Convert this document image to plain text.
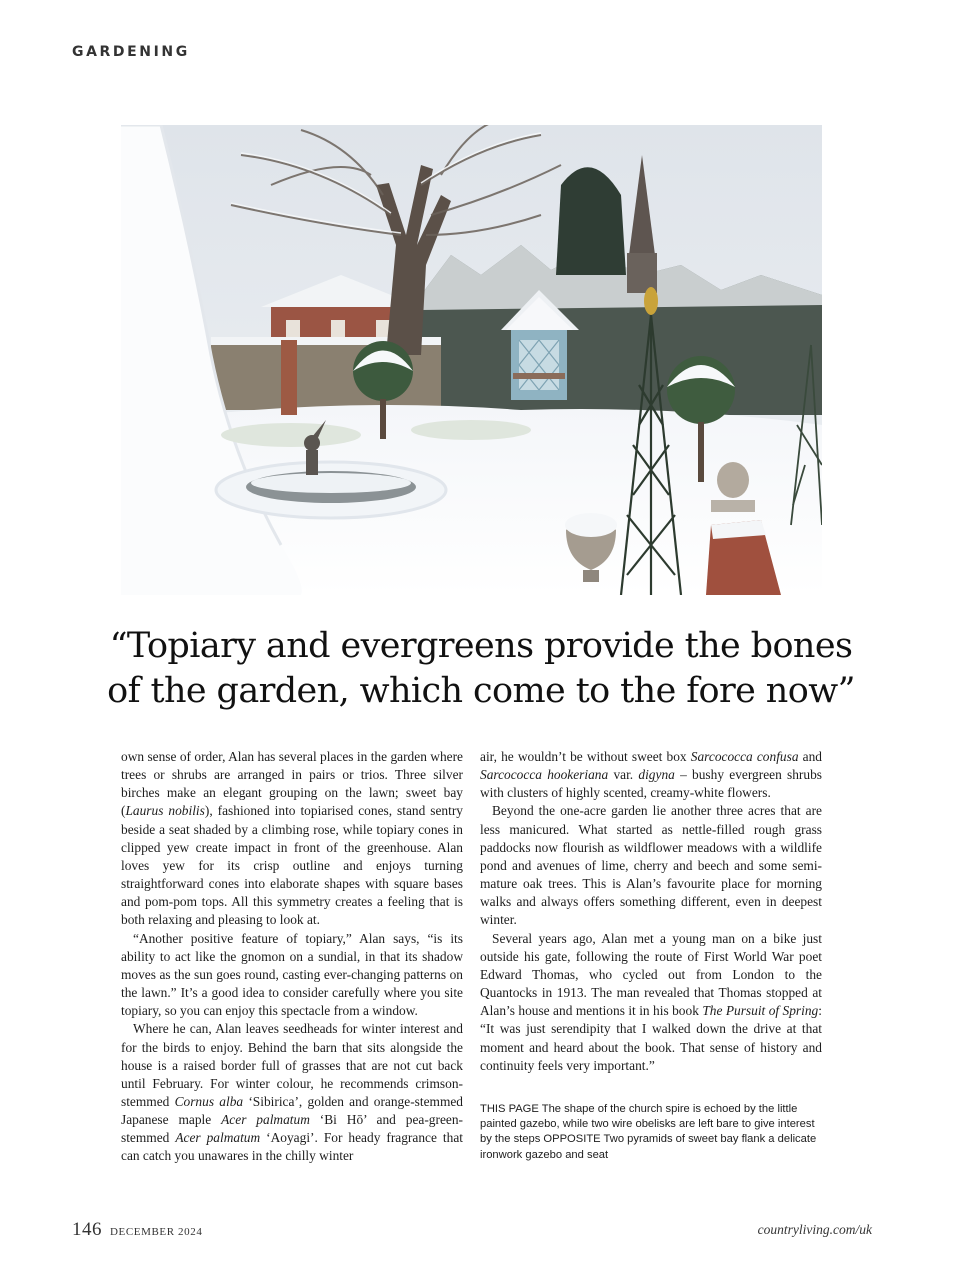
GARDENING
“Topiary and evergreens provide the bones
of the garden, which come to the fore now”

own sense of order, Alan has several places in the garden where trees or shrubs are arranged in pairs or trios. Three silver birches make an elegant grouping on the lawn; sweet bay (Laurus nobilis), fashioned into topiarised cones, stand sentry beside a seat shaded by a climbing rose, while topiary cones in clipped yew create impact in front of the greenhouse. Alan loves yew for its crisp outline and enjoys turning straightforward cones into elaborate shapes with square bases and pom-pom tops. All this symmetry creates a feeling that is both relaxing and pleasing to look at.

“Another positive feature of topiary,” Alan says, “is its ability to act like the gnomon on a sundial, in that its shadow moves as the sun goes round, casting ever-changing patterns on the lawn.” It’s a good idea to consider carefully where you site topiary, so you can enjoy this spectacle from a window.

Where he can, Alan leaves seedheads for winter interest and for the birds to enjoy. Behind the barn that sits alongside the house is a raised border full of grasses that are not cut back until February. For winter colour, he recommends crimson-stemmed Cornus alba ‘Sibirica’, golden and orange-stemmed Japanese maple Acer palmatum ‘Bi Hō’ and pea-green-stemmed Acer palmatum ‘Aoyagi’. For heady fragrance that can catch you unawares in the chilly winter

air, he wouldn’t be without sweet box Sarcococca confusa and Sarcococca hookeriana var. digyna – bushy evergreen shrubs with clusters of highly scented, creamy-white flowers.

Beyond the one-acre garden lie another three acres that are less manicured. What started as nettle-filled rough grass paddocks now flourish as wildflower meadows with a wildlife pond and avenues of lime, cherry and beech and some semi-mature oak trees. This is Alan’s favourite place for morning walks and always offers something different, even in deepest winter.

Several years ago, Alan met a young man on a bike just outside his gate, following the route of First World War poet Edward Thomas, who cycled out from London to the Quantocks in 1913. The man revealed that Thomas stopped at Alan’s house and mentions it in his book The Pursuit of Spring: “It was just serendipity that I walked down the drive at that moment and heard about the book. That sense of history and continuity feels very important.”

THIS PAGE The shape of the church spire is echoed by the little painted gazebo, while two wire obelisks are left bare to give interest by the steps OPPOSITE Two pyramids of sweet bay flank a delicate ironwork gazebo and seat
146 DECEMBER 2024	countryliving.com/uk
